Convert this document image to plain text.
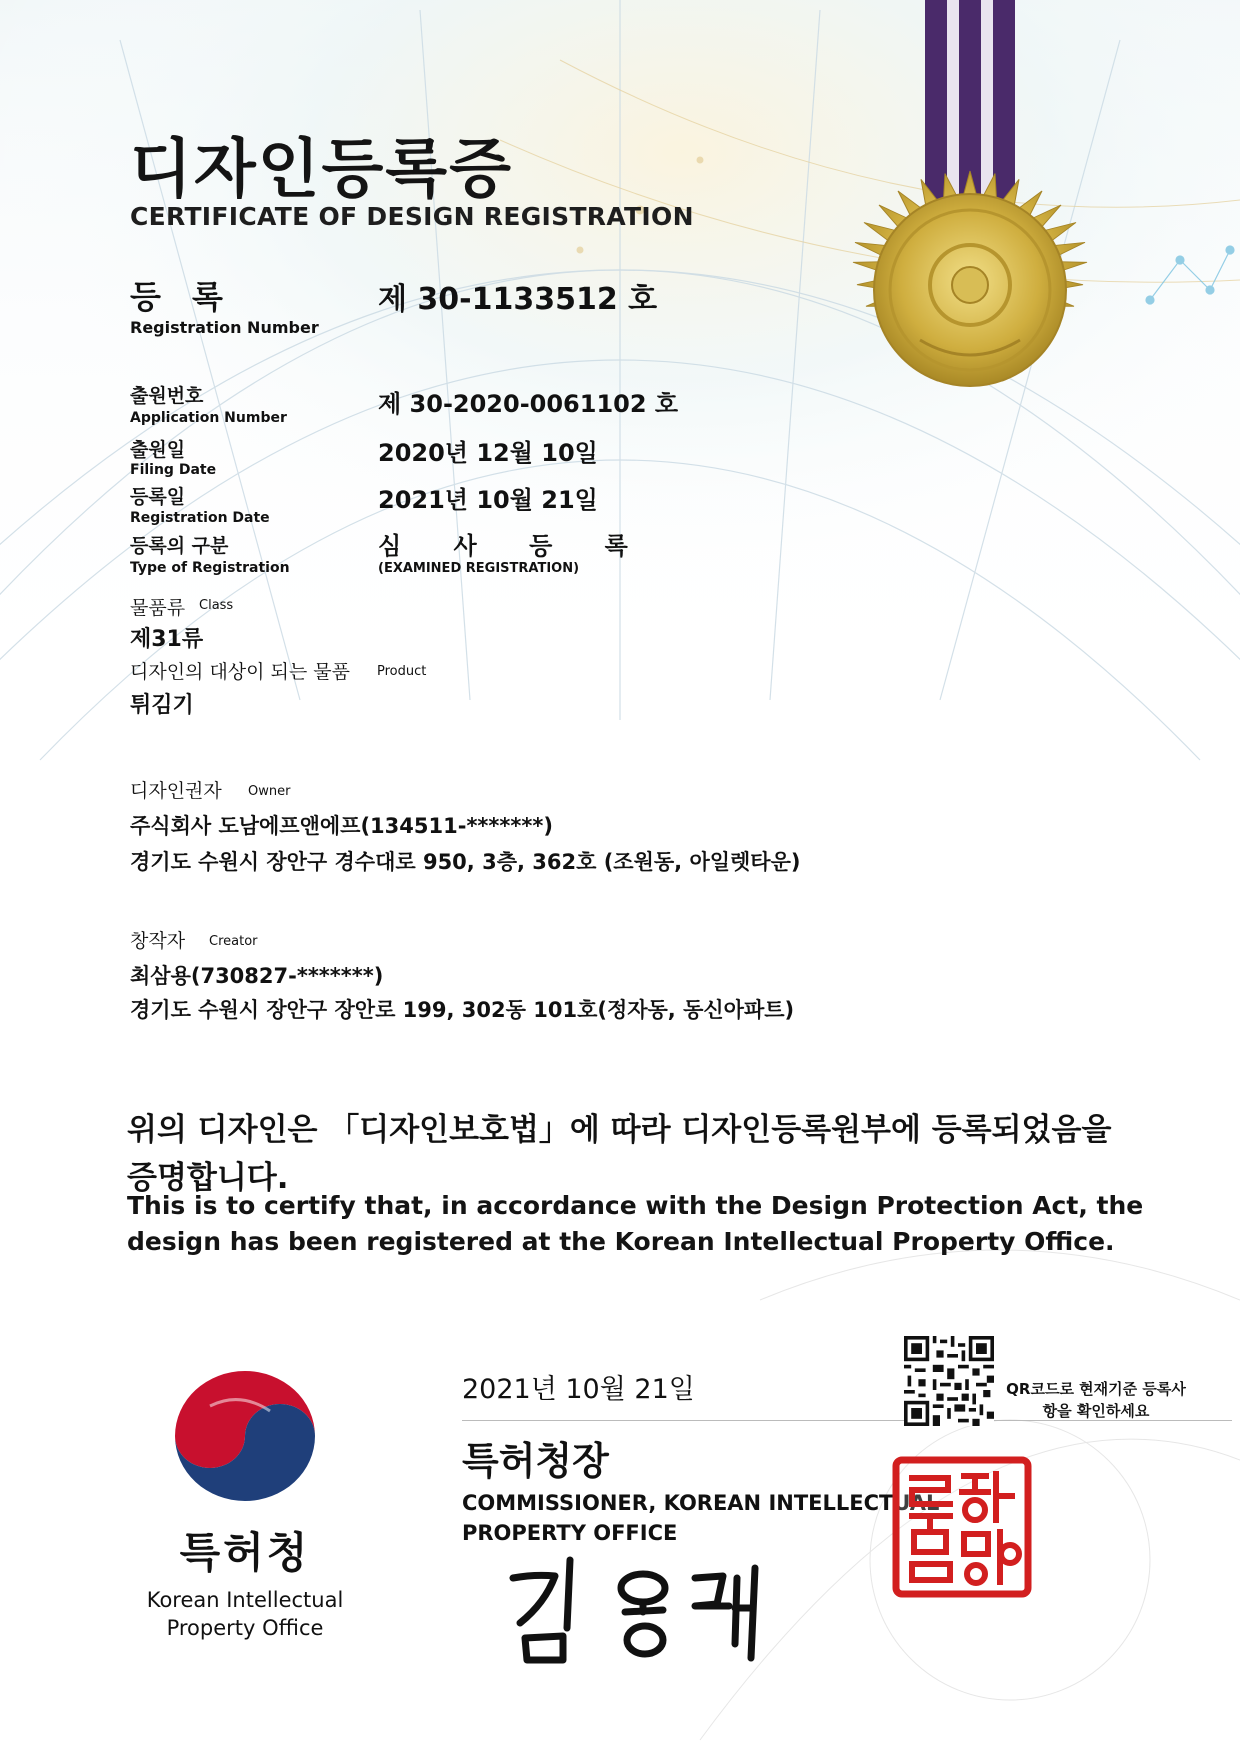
디자인등록증
CERTIFICATE OF DESIGN REGISTRATION
등 록
Registration Number
제 30-1133512 호
출원번호
Application Number	제 30-2020-0061102 호
출원일
Filing Date
2020년 12월 10일
등록일
Registration Date
2021년 10월 21일
등록의 구분
Type of Registration
심 사 등 록
(EXAMINED REGISTRATION)
물품류 Class
제31류
디자인의 대상이 되는 물품 Product
튀김기
디자인권자 Owner
주식회사 도남에프앤에프(134511-*******)
경기도 수원시 장안구 경수대로 950, 3층, 362호 (조원동, 아일렛타운)
창작자 Creator
최삼용(730827-*******)
경기도 수원시 장안구 장안로 199, 302동 101호(정자동, 동신아파트)
위의 디자인은 「디자인보호법」에 따라 디자인등록원부에 등록되었음을 증명합니다.
This is to certify that, in accordance with the Design Protection Act, the design has been registered at the Korean Intellectual Property Office.
특허청
Korean Intellectual Property Office
2021년 10월 21일
특허청장
COMMISSIONER, KOREAN INTELLECTUAL PROPERTY OFFICE
QR코드로 현재기준 등록사항을 확인하세요
